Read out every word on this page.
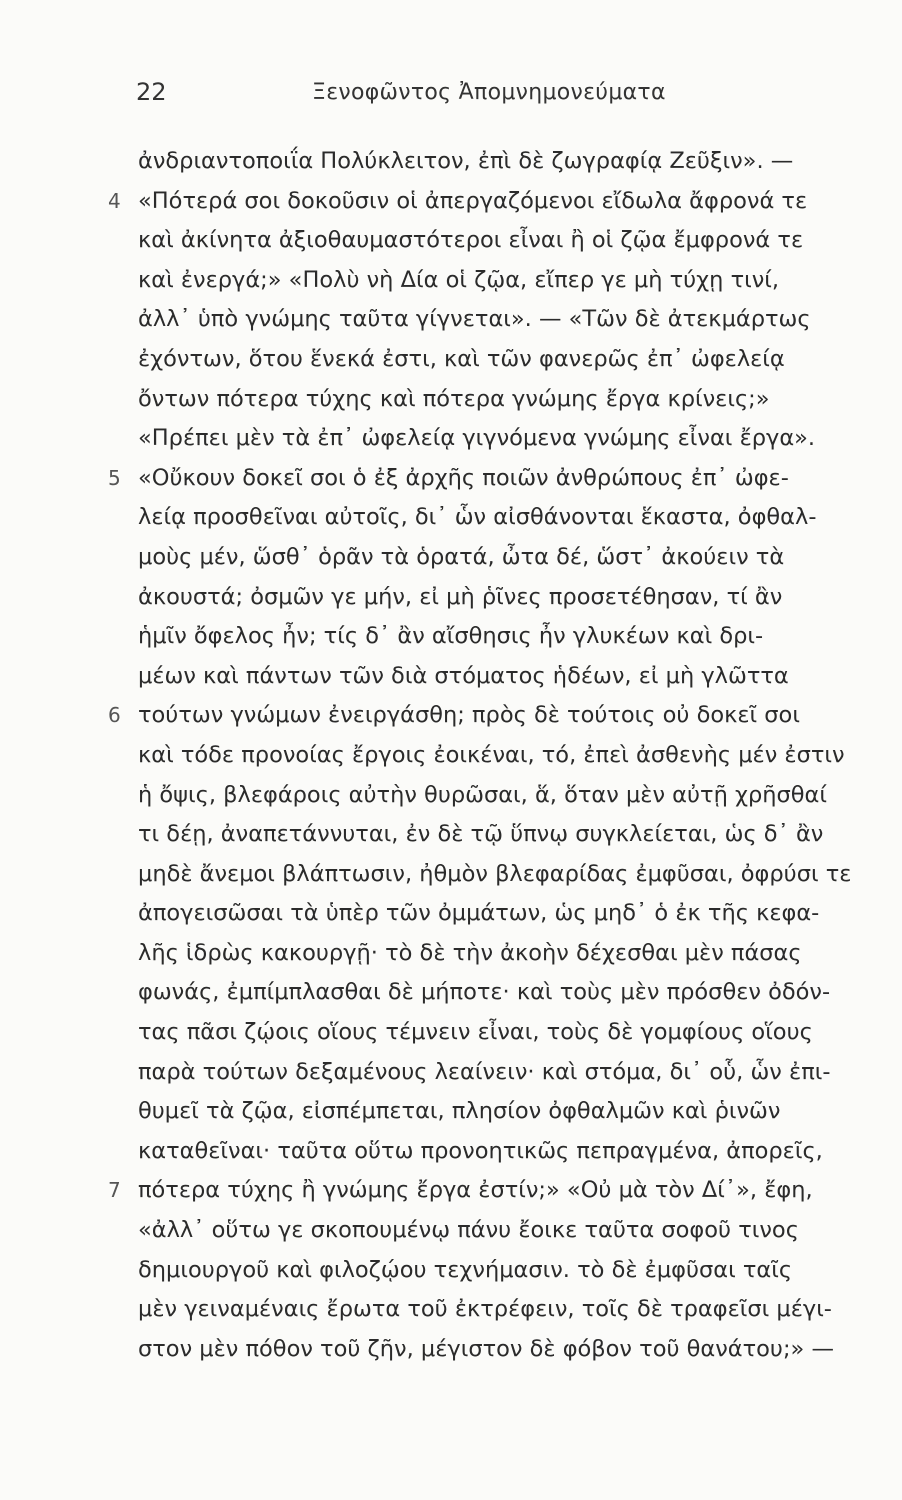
22	Ξενοφῶντος Ἀπομνημονεύματα
ἀνδριαντοποιΐα Πολύκλειτον, ἐπὶ δὲ ζωγραφίᾳ Ζεῦξιν». —
4 «Πότερά σοι δοκοῦσιν οἱ ἀπεργαζόμενοι εἴδωλα ἄφρονά τε
καὶ ἀκίνητα ἀξιοθαυμαστότεροι εἶναι ἢ οἱ ζῷα ἔμφρονά τε
καὶ ἐνεργά;» «Πολὺ νὴ Δία οἱ ζῷα, εἴπερ γε μὴ τύχῃ τινί,
ἀλλ᾽ ὑπὸ γνώμης ταῦτα γίγνεται». — «Τῶν δὲ ἀτεκμάρτως
ἐχόντων, ὅτου ἕνεκά ἐστι, καὶ τῶν φανερῶς ἐπ᾽ ὠφελείᾳ
ὄντων πότερα τύχης καὶ πότερα γνώμης ἔργα κρίνεις;»
«Πρέπει μὲν τὰ ἐπ᾽ ὠφελείᾳ γιγνόμενα γνώμης εἶναι ἔργα».
5 «Οὔκουν δοκεῖ σοι ὁ ἐξ ἀρχῆς ποιῶν ἀνθρώπους ἐπ᾽ ὠφε-
λείᾳ προσθεῖναι αὐτοῖς, δι᾽ ὧν αἰσθάνονται ἕκαστα, ὀφθαλ-
μοὺς μέν, ὥσθ᾽ ὁρᾶν τὰ ὁρατά, ὦτα δέ, ὥστ᾽ ἀκούειν τὰ
ἀκουστά; ὀσμῶν γε μήν, εἰ μὴ ῥῖνες προσετέθησαν, τί ἂν
ἡμῖν ὄφελος ἦν; τίς δ᾽ ἂν αἴσθησις ἦν γλυκέων καὶ δρι-
μέων καὶ πάντων τῶν διὰ στόματος ἡδέων, εἰ μὴ γλῶττα
6 τούτων γνώμων ἐνειργάσθη; πρὸς δὲ τούτοις οὐ δοκεῖ σοι
καὶ τόδε προνοίας ἔργοις ἐοικέναι, τό, ἐπεὶ ἀσθενὴς μέν ἐστιν
ἡ ὄψις, βλεφάροις αὐτὴν θυρῶσαι, ἅ, ὅταν μὲν αὐτῇ χρῆσθαί
τι δέῃ, ἀναπετάννυται, ἐν δὲ τῷ ὕπνῳ συγκλείεται, ὡς δ᾽ ἂν
μηδὲ ἄνεμοι βλάπτωσιν, ἠθμὸν βλεφαρίδας ἐμφῦσαι, ὀφρύσι τε
ἀπογεισῶσαι τὰ ὑπὲρ τῶν ὀμμάτων, ὡς μηδ᾽ ὁ ἐκ τῆς κεφα-
λῆς ἱδρὼς κακουργῇ· τὸ δὲ τὴν ἀκοὴν δέχεσθαι μὲν πάσας
φωνάς, ἐμπίμπλασθαι δὲ μήποτε· καὶ τοὺς μὲν πρόσθεν ὀδόν-
τας πᾶσι ζῴοις οἵους τέμνειν εἶναι, τοὺς δὲ γομφίους οἵους
παρὰ τούτων δεξαμένους λεαίνειν· καὶ στόμα, δι᾽ οὗ, ὧν ἐπι-
θυμεῖ τὰ ζῷα, εἰσπέμπεται, πλησίον ὀφθαλμῶν καὶ ῥινῶν
καταθεῖναι· ταῦτα οὕτω προνοητικῶς πεπραγμένα, ἀπορεῖς,
7 πότερα τύχης ἢ γνώμης ἔργα ἐστίν;» «Οὐ μὰ τὸν Δί᾽», ἔφη,
«ἀλλ᾽ οὕτω γε σκοπουμένῳ πάνυ ἔοικε ταῦτα σοφοῦ τινος
δημιουργοῦ καὶ φιλοζῴου τεχνήμασιν. τὸ δὲ ἐμφῦσαι ταῖς
μὲν γειναμέναις ἔρωτα τοῦ ἐκτρέφειν, τοῖς δὲ τραφεῖσι μέγι-
στον μὲν πόθον τοῦ ζῆν, μέγιστον δὲ φόβον τοῦ θανάτου;» —
